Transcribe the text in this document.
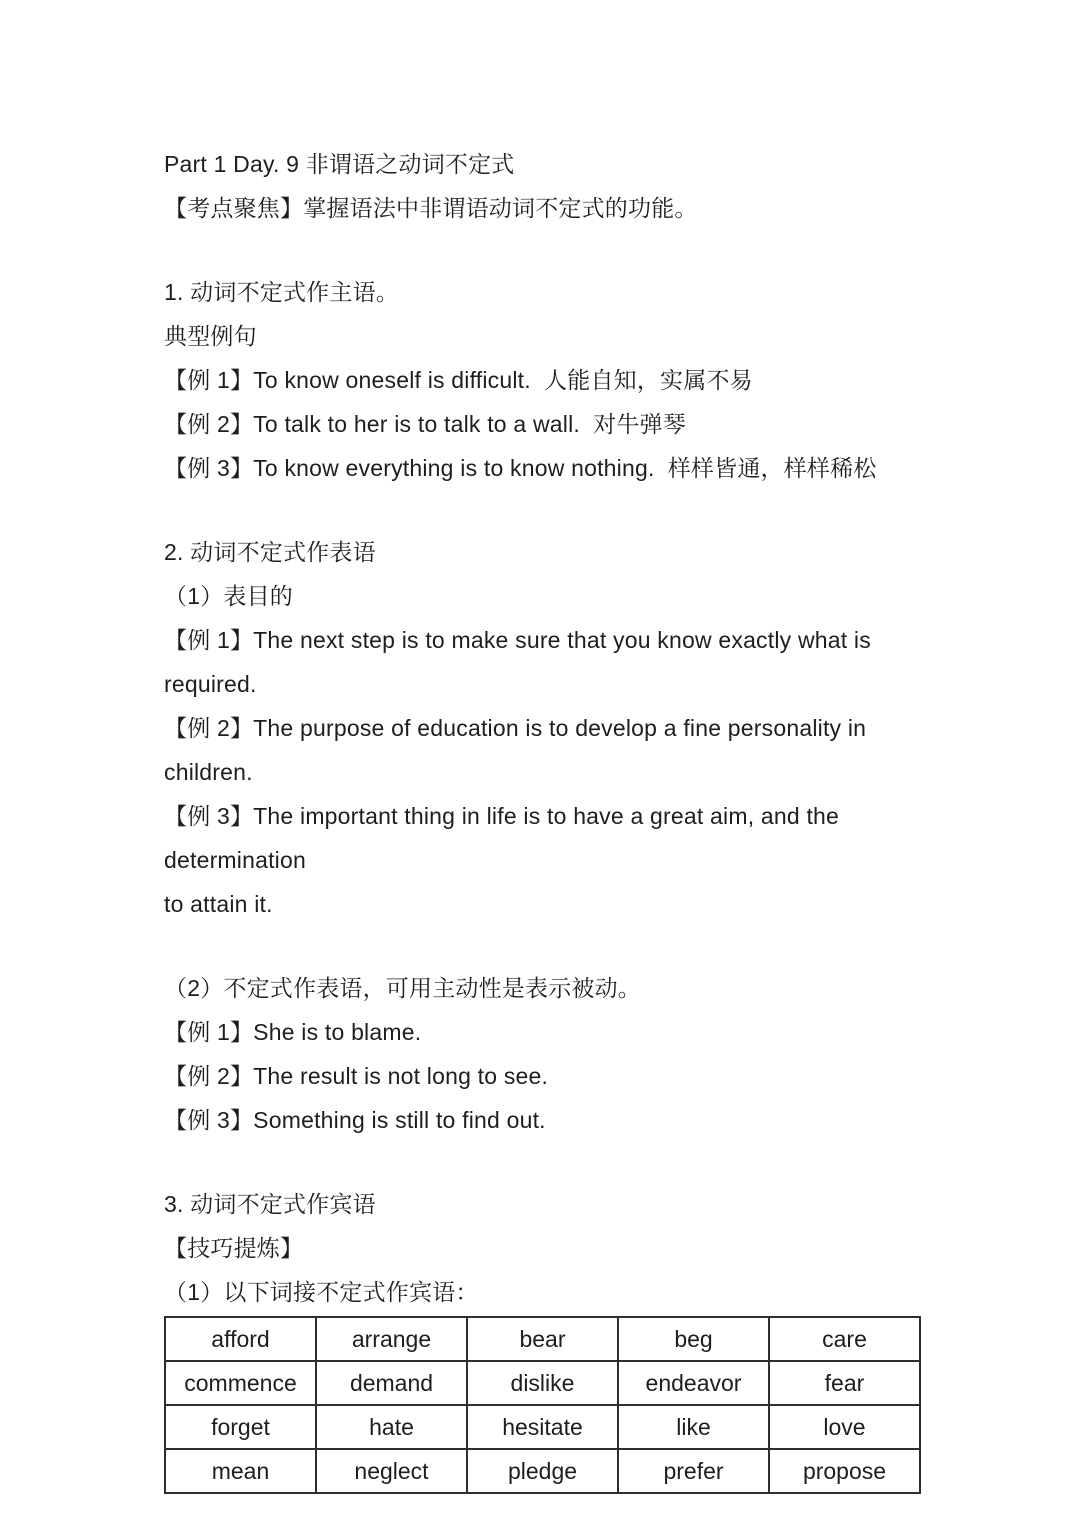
Part 1 Day. 9 非谓语之动词不定式

【考点聚焦】掌握语法中非谓语动词不定式的功能。

1. 动词不定式作主语。

典型例句

【例 1】To know oneself is difficult.  人能自知，实属不易

【例 2】To talk to her is to talk to a wall.  对牛弹琴

【例 3】To know everything is to know nothing.  样样皆通，样样稀松

2. 动词不定式作表语

（1）表目的

【例 1】The next step is to make sure that you know exactly what is required.

【例 2】The purpose of education is to develop a fine personality in children.

【例 3】The important thing in life is to have a great aim, and the determination

to attain it.

（2）不定式作表语，可用主动性是表示被动。

【例 1】She is to blame.

【例 2】The result is not long to see.

【例 3】Something is still to find out.

3. 动词不定式作宾语

【技巧提炼】

（1）以下词接不定式作宾语：

afford	arrange	bear	beg	care
commence	demand	dislike	endeavor	fear
forget	hate	hesitate	like	love
mean	neglect	pledge	prefer	propose
